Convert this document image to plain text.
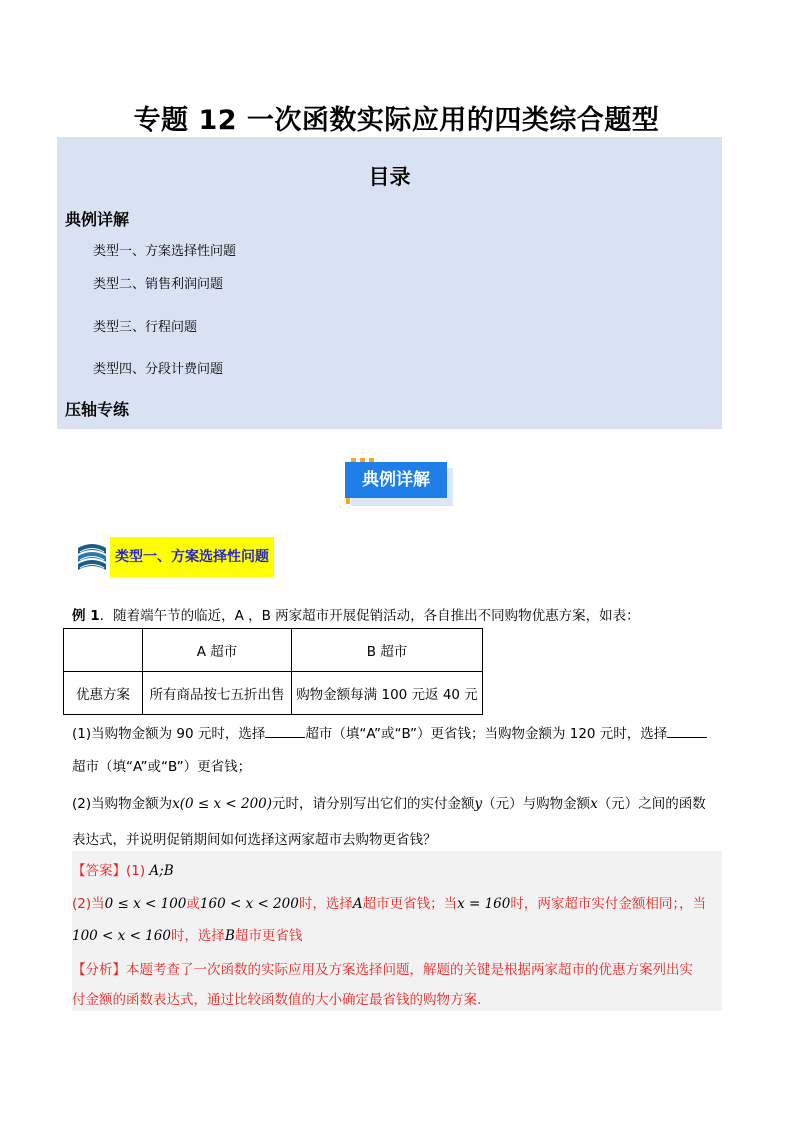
专题 12 一次函数实际应用的四类综合题型
目录
典例详解
类型一、方案选择性问题
类型二、销售利润问题
类型三、行程问题
类型四、分段计费问题
压轴专练
典例详解
类型一、方案选择性问题
例 1．随着端午节的临近，A ，B 两家超市开展促销活动，各自推出不同购物优惠方案，如表：
	A 超市	B 超市
优惠方案	所有商品按七五折出售	购物金额每满 100 元返 40 元
(1)当购物金额为 90 元时，选择	超市（填“A”或“B”）更省钱；当购物金额为 120 元时，选择
超市（填“A”或“B”）更省钱；
(2)当购物金额为x(0 ≤ x < 200)元时，请分别写出它们的实付金额y（元）与购物金额x（元）之间的函数
表达式，并说明促销期间如何选择这两家超市去购物更省钱？
【答案】(1) A;B
(2)当0 ≤ x < 100或160 < x < 200时，选择A超市更省钱；当x = 160时，两家超市实付金额相同；，当
100 < x < 160时，选择B超市更省钱
【分析】本题考查了一次函数的实际应用及方案选择问题，解题的关键是根据两家超市的优惠方案列出实
付金额的函数表达式，通过比较函数值的大小确定最省钱的购物方案.
